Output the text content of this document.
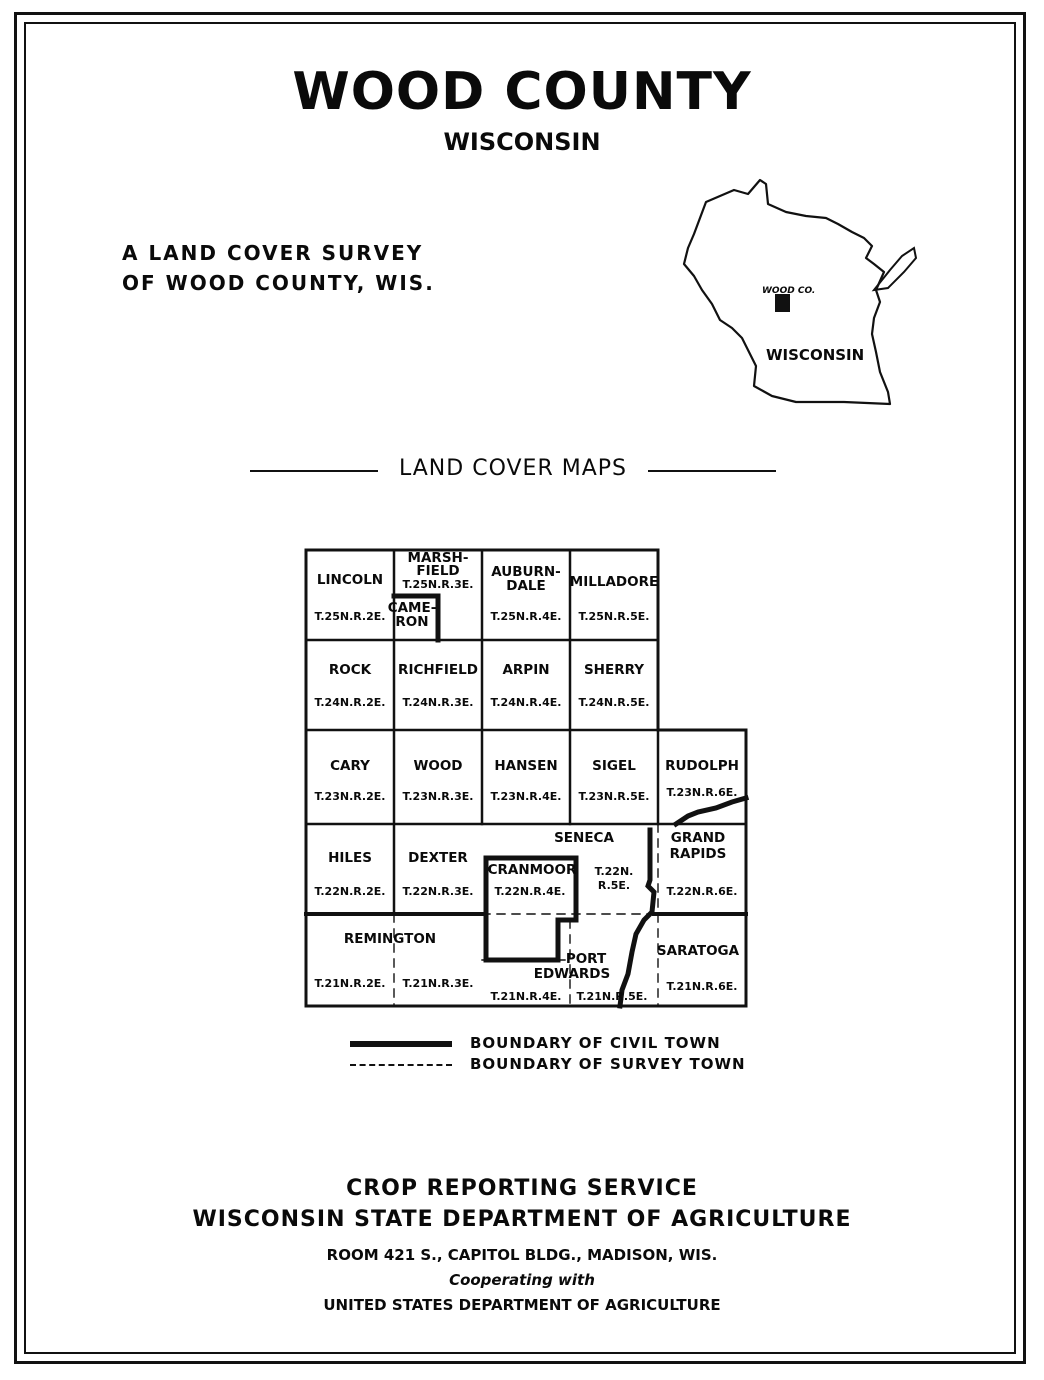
WOOD COUNTY
WISCONSIN
A LAND COVER SURVEY
OF WOOD COUNTY, WIS.	WOOD CO.
WISCONSIN
LAND COVER MAPS
LINCOLN
T.25N.R.2E.
MARSH-
FIELD
T.25N.R.3E.
CAME-
RON
AUBURN-
DALE
T.25N.R.4E.
MILLADORE
T.25N.R.5E.
ROCK
T.24N.R.2E.
RICHFIELD
T.24N.R.3E.
ARPIN
T.24N.R.4E.
SHERRY
T.24N.R.5E.
CARY
T.23N.R.2E.
WOOD
T.23N.R.3E.
HANSEN
T.23N.R.4E.
SIGEL
T.23N.R.5E.
RUDOLPH
T.23N.R.6E.
HILES
T.22N.R.2E.
DEXTER
T.22N.R.3E.
SENECA
CRANMOOR
T.22N.R.4E.
T.22N.
R.5E.
GRAND
RAPIDS
T.22N.R.6E.
REMINGTON
T.21N.R.2E. T.21N.R.3E.
PORT
EDWARDS
T.21N.R.4E. T.21N.R.5E.
SARATOGA
T.21N.R.6E.
BOUNDARY OF CIVIL TOWN
BOUNDARY OF SURVEY TOWN
CROP REPORTING SERVICE
WISCONSIN STATE DEPARTMENT OF AGRICULTURE
ROOM 421 S., CAPITOL BLDG., MADISON, WIS.
Cooperating with
UNITED STATES DEPARTMENT OF AGRICULTURE
